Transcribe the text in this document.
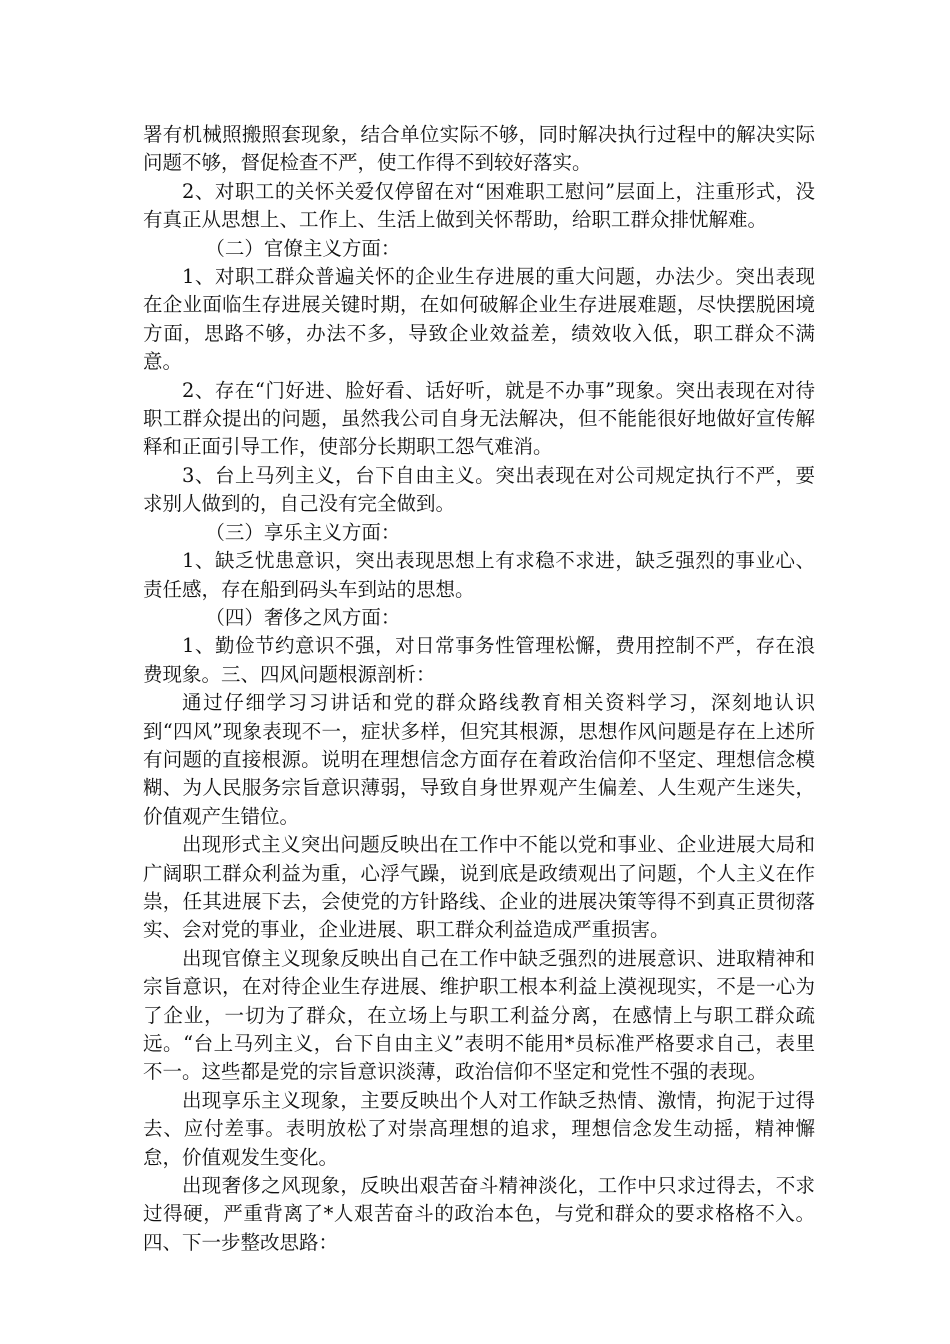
署有机械照搬照套现象，结合单位实际不够，同时解决执行过程中的解决实际问题不够，督促检查不严，使工作得不到较好落实。

2、对职工的关怀关爱仅停留在对“困难职工慰问”层面上，注重形式，没有真正从思想上、工作上、生活上做到关怀帮助，给职工群众排忧解难。

（二）官僚主义方面：

1、对职工群众普遍关怀的企业生存进展的重大问题，办法少。突出表现在企业面临生存进展关键时期，在如何破解企业生存进展难题，尽快摆脱困境方面，思路不够，办法不多，导致企业效益差，绩效收入低，职工群众不满意。

2、存在“门好进、脸好看、话好听，就是不办事”现象。突出表现在对待职工群众提出的问题，虽然我公司自身无法解决，但不能能很好地做好宣传解释和正面引导工作，使部分长期职工怨气难消。

3、台上马列主义，台下自由主义。突出表现在对公司规定执行不严，要求别人做到的，自己没有完全做到。

（三）享乐主义方面：

1、缺乏忧患意识，突出表现思想上有求稳不求进，缺乏强烈的事业心、责任感，存在船到码头车到站的思想。

（四）奢侈之风方面：

1、勤俭节约意识不强，对日常事务性管理松懈，费用控制不严，存在浪费现象。三、四风问题根源剖析：

通过仔细学习习讲话和党的群众路线教育相关资料学习，深刻地认识到“四风”现象表现不一，症状多样，但究其根源，思想作风问题是存在上述所有问题的直接根源。说明在理想信念方面存在着政治信仰不坚定、理想信念模糊、为人民服务宗旨意识薄弱，导致自身世界观产生偏差、人生观产生迷失，价值观产生错位。

出现形式主义突出问题反映出在工作中不能以党和事业、企业进展大局和广阔职工群众利益为重，心浮气躁，说到底是政绩观出了问题，个人主义在作祟，任其进展下去，会使党的方针路线、企业的进展决策等得不到真正贯彻落实、会对党的事业，企业进展、职工群众利益造成严重损害。

出现官僚主义现象反映出自己在工作中缺乏强烈的进展意识、进取精神和宗旨意识，在对待企业生存进展、维护职工根本利益上漠视现实，不是一心为了企业，一切为了群众，在立场上与职工利益分离，在感情上与职工群众疏远。“台上马列主义，台下自由主义”表明不能用*员标准严格要求自己，表里不一。这些都是党的宗旨意识淡薄，政治信仰不坚定和党性不强的表现。

出现享乐主义现象，主要反映出个人对工作缺乏热情、激情，拘泥于过得去、应付差事。表明放松了对崇高理想的追求，理想信念发生动摇，精神懈怠，价值观发生变化。

出现奢侈之风现象，反映出艰苦奋斗精神淡化，工作中只求过得去，不求过得硬，严重背离了*人艰苦奋斗的政治本色，与党和群众的要求格格不入。四、下一步整改思路：
